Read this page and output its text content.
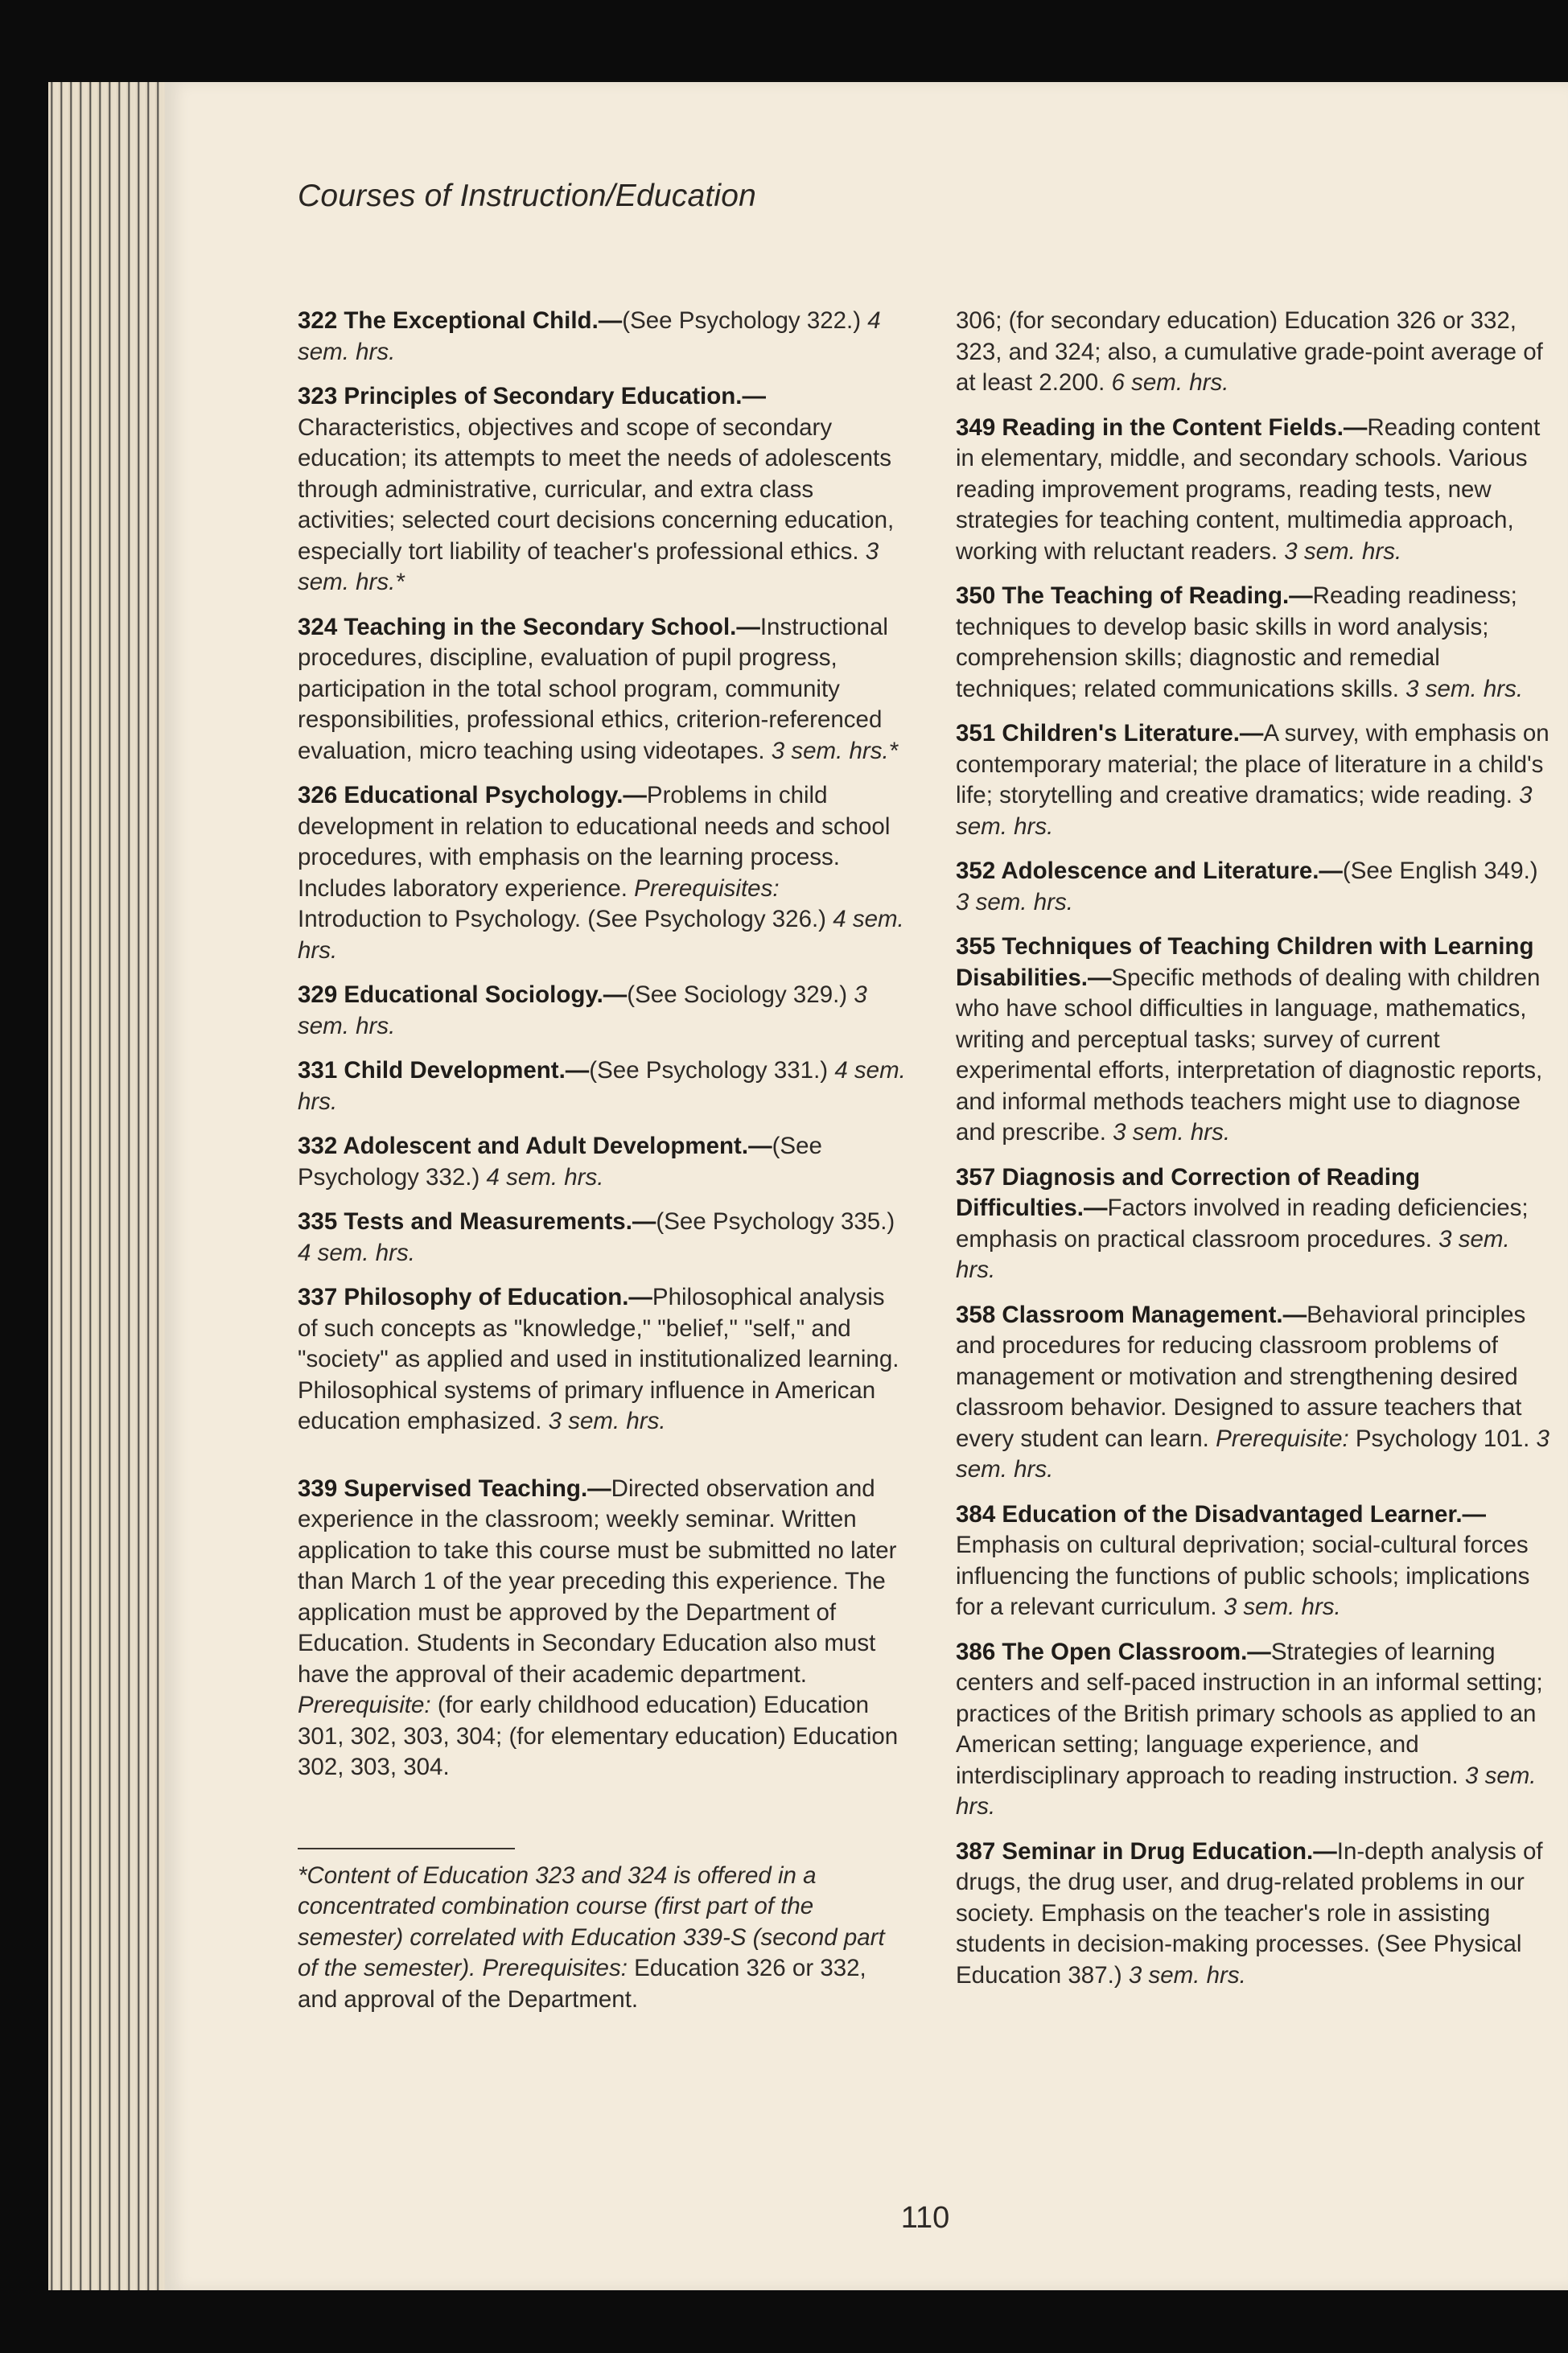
Courses of Instruction/Education
322 The Exceptional Child.—(See Psychology 322.) 4 sem. hrs.
323 Principles of Secondary Education.—Characteristics, objectives and scope of secondary education; its attempts to meet the needs of adolescents through administrative, curricular, and extra class activities; selected court decisions concerning education, especially tort liability of teacher's professional ethics. 3 sem. hrs.*
324 Teaching in the Secondary School.—Instructional procedures, discipline, evaluation of pupil progress, participation in the total school program, community responsibilities, professional ethics, criterion-referenced evaluation, micro teaching using videotapes. 3 sem. hrs.*
326 Educational Psychology.—Problems in child development in relation to educational needs and school procedures, with emphasis on the learning process. Includes laboratory experience. Prerequisites: Introduction to Psychology. (See Psychology 326.) 4 sem. hrs.
329 Educational Sociology.—(See Sociology 329.) 3 sem. hrs.
331 Child Development.—(See Psychology 331.) 4 sem. hrs.
332 Adolescent and Adult Development.—(See Psychology 332.) 4 sem. hrs.
335 Tests and Measurements.—(See Psychology 335.) 4 sem. hrs.
337 Philosophy of Education.—Philosophical analysis of such concepts as "knowledge," "belief," "self," and "society" as applied and used in institutionalized learning. Philosophical systems of primary influence in American education emphasized. 3 sem. hrs.
339 Supervised Teaching.—Directed observation and experience in the classroom; weekly seminar. Written application to take this course must be submitted no later than March 1 of the year preceding this experience. The application must be approved by the Department of Education. Students in Secondary Education also must have the approval of their academic department. Prerequisite: (for early childhood education) Education 301, 302, 303, 304; (for elementary education) Education 302, 303, 304.
*Content of Education 323 and 324 is offered in a concentrated combination course (first part of the semester) correlated with Education 339-S (second part of the semester). Prerequisites: Education 326 or 332, and approval of the Department.
306; (for secondary education) Education 326 or 332, 323, and 324; also, a cumulative grade-point average of at least 2.200. 6 sem. hrs.
349 Reading in the Content Fields.—Reading content in elementary, middle, and secondary schools. Various reading improvement programs, reading tests, new strategies for teaching content, multimedia approach, working with reluctant readers. 3 sem. hrs.
350 The Teaching of Reading.—Reading readiness; techniques to develop basic skills in word analysis; comprehension skills; diagnostic and remedial techniques; related communications skills. 3 sem. hrs.
351 Children's Literature.—A survey, with emphasis on contemporary material; the place of literature in a child's life; storytelling and creative dramatics; wide reading. 3 sem. hrs.
352 Adolescence and Literature.—(See English 349.) 3 sem. hrs.
355 Techniques of Teaching Children with Learning Disabilities.—Specific methods of dealing with children who have school difficulties in language, mathematics, writing and perceptual tasks; survey of current experimental efforts, interpretation of diagnostic reports, and informal methods teachers might use to diagnose and prescribe. 3 sem. hrs.
357 Diagnosis and Correction of Reading Difficulties.—Factors involved in reading deficiencies; emphasis on practical classroom procedures. 3 sem. hrs.
358 Classroom Management.—Behavioral principles and procedures for reducing classroom problems of management or motivation and strengthening desired classroom behavior. Designed to assure teachers that every student can learn. Prerequisite: Psychology 101. 3 sem. hrs.
384 Education of the Disadvantaged Learner.—Emphasis on cultural deprivation; social-cultural forces influencing the functions of public schools; implications for a relevant curriculum. 3 sem. hrs.
386 The Open Classroom.—Strategies of learning centers and self-paced instruction in an informal setting; practices of the British primary schools as applied to an American setting; language experience, and interdisciplinary approach to reading instruction. 3 sem. hrs.
387 Seminar in Drug Education.—In-depth analysis of drugs, the drug user, and drug-related problems in our society. Emphasis on the teacher's role in assisting students in decision-making processes. (See Physical Education 387.) 3 sem. hrs.
110
